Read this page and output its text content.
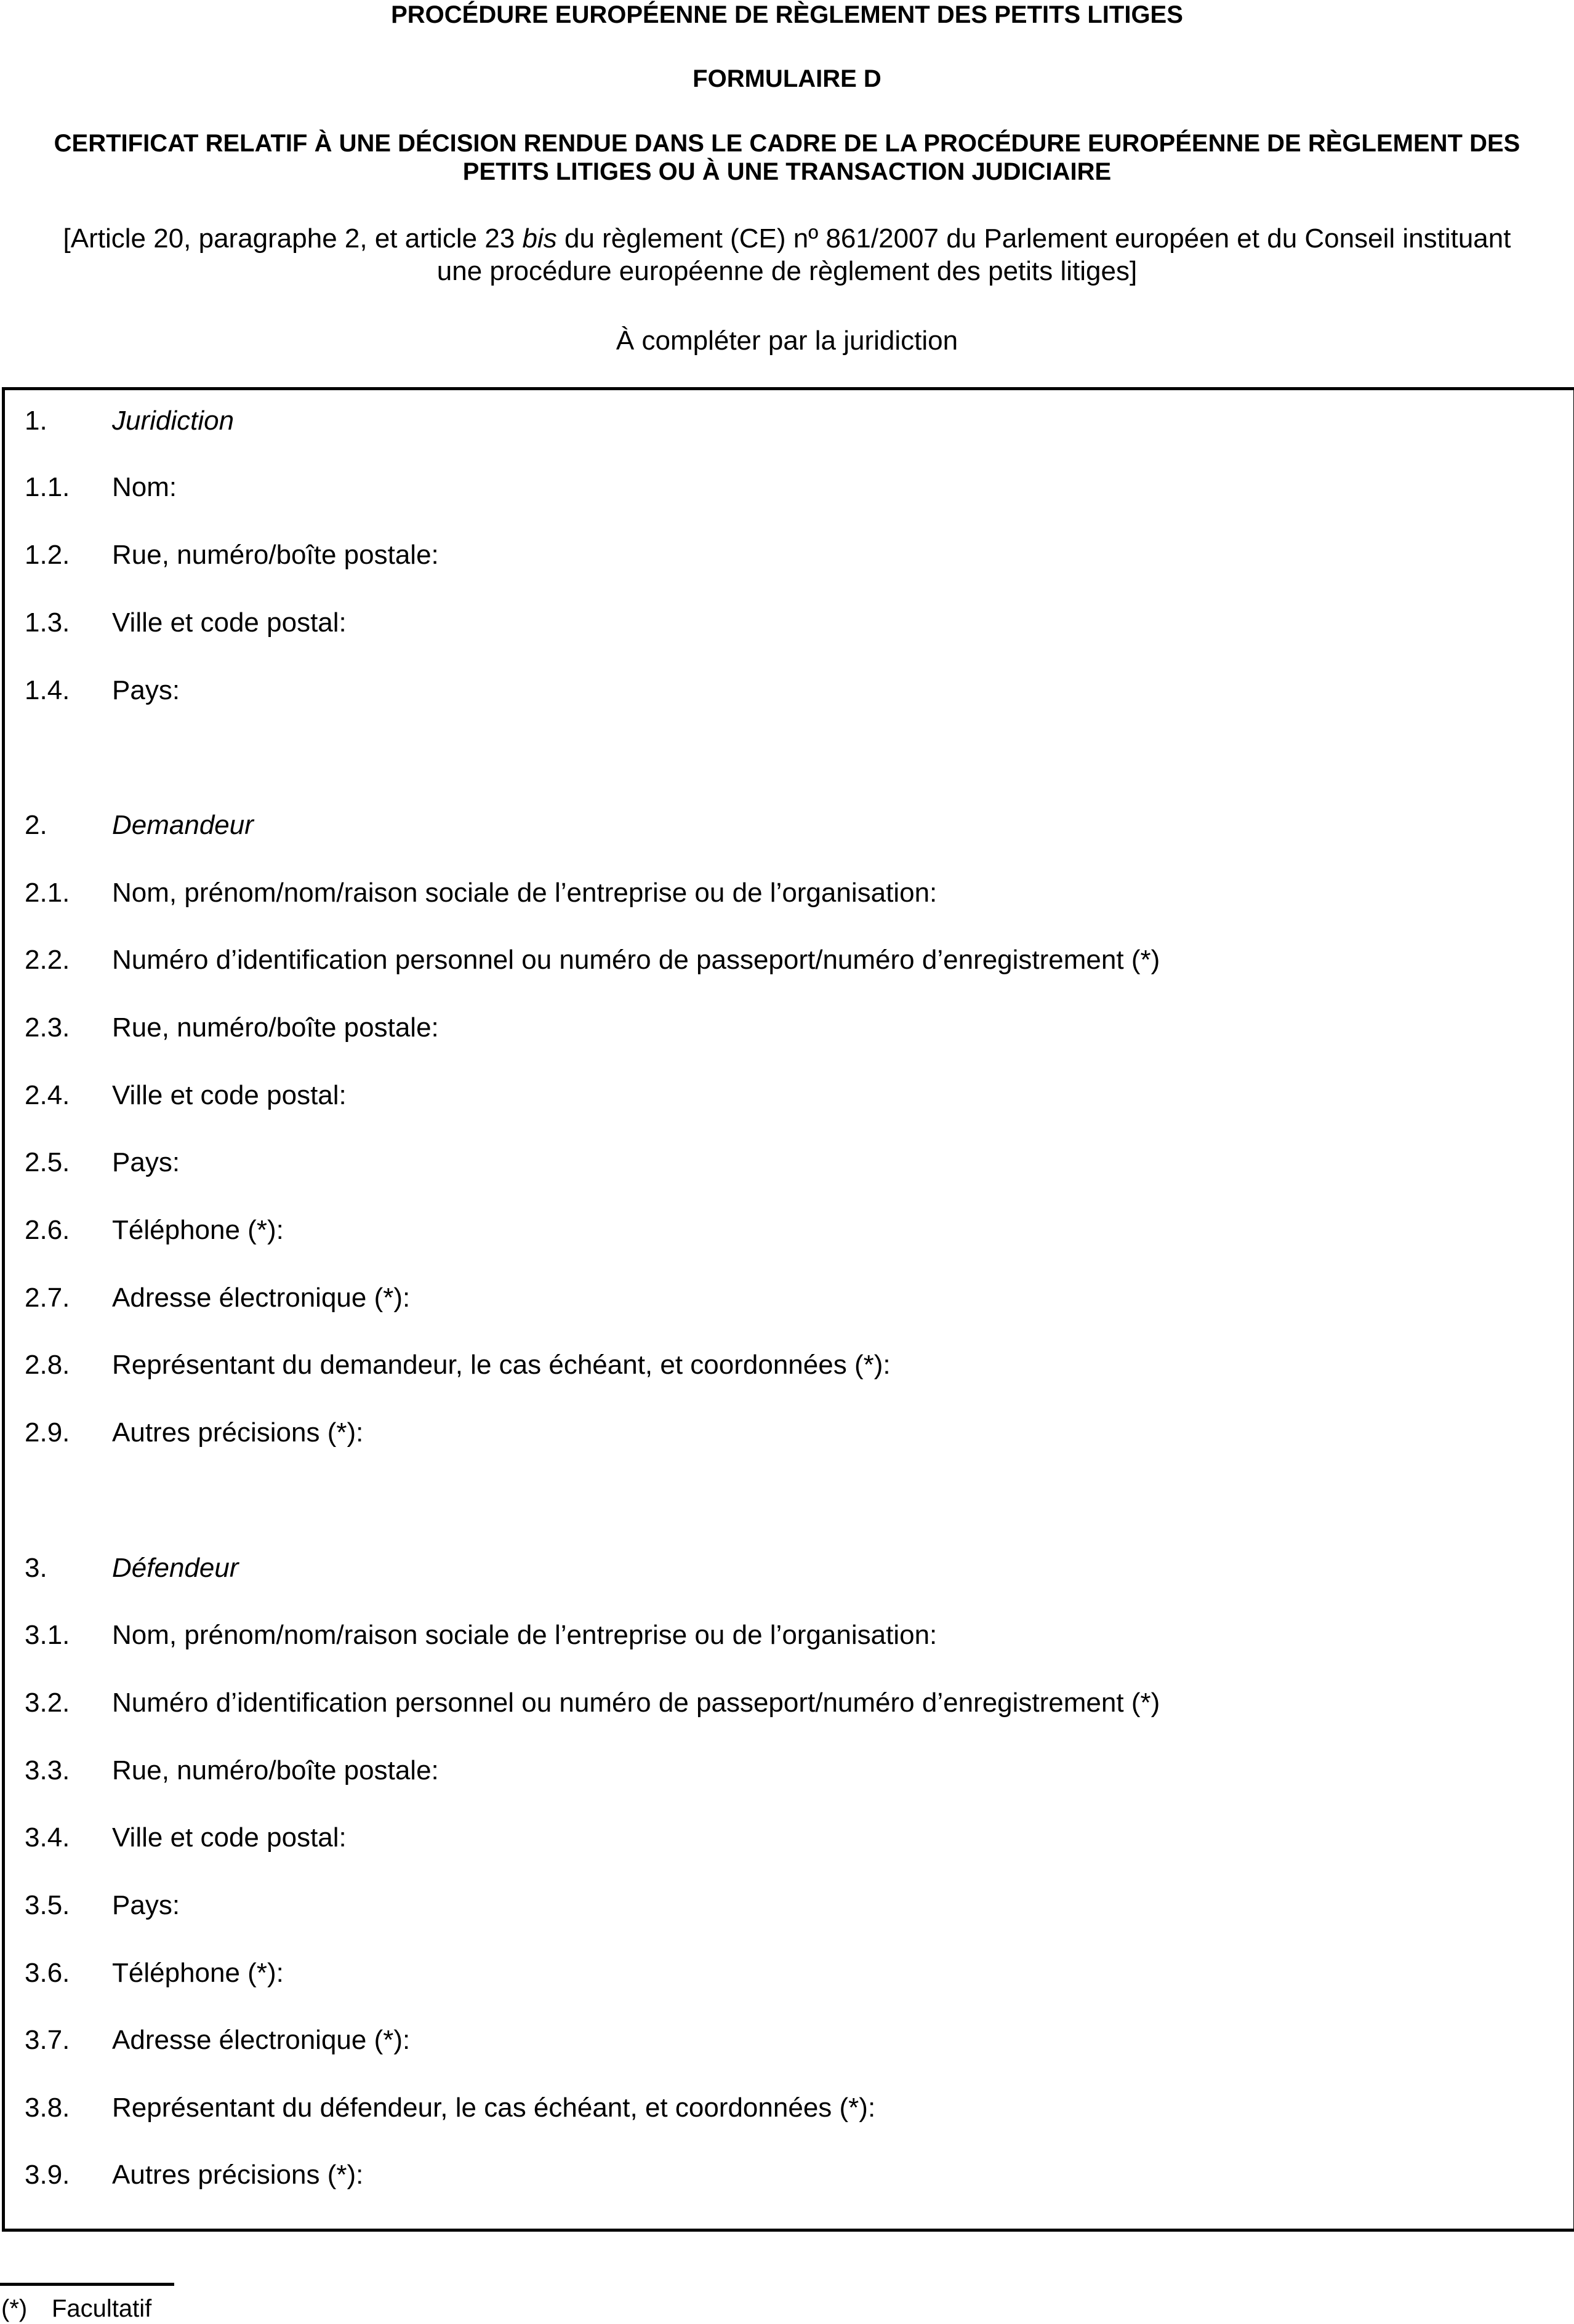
PROCÉDURE EUROPÉENNE DE RÈGLEMENT DES PETITS LITIGES
FORMULAIRE D
CERTIFICAT RELATIF À UNE DÉCISION RENDUE DANS LE CADRE DE LA PROCÉDURE EUROPÉENNE DE RÈGLEMENT DES
PETITS LITIGES OU À UNE TRANSACTION JUDICIAIRE
[Article 20, paragraphe 2, et article 23 bis du règlement (CE) nº 861/2007 du Parlement européen et du Conseil instituant
une procédure européenne de règlement des petits litiges]
À compléter par la juridiction
1. Juridiction
1.1. Nom:
1.2. Rue, numéro/boîte postale:
1.3. Ville et code postal:
1.4. Pays:
2. Demandeur
2.1. Nom, prénom/nom/raison sociale de l’entreprise ou de l’organisation:
2.2. Numéro d’identification personnel ou numéro de passeport/numéro d’enregistrement (*)
2.3. Rue, numéro/boîte postale:
2.4. Ville et code postal:
2.5. Pays:
2.6. Téléphone (*):
2.7. Adresse électronique (*):
2.8. Représentant du demandeur, le cas échéant, et coordonnées (*):
2.9. Autres précisions (*):
3. Défendeur
3.1. Nom, prénom/nom/raison sociale de l’entreprise ou de l’organisation:
3.2. Numéro d’identification personnel ou numéro de passeport/numéro d’enregistrement (*)
3.3. Rue, numéro/boîte postale:
3.4. Ville et code postal:
3.5. Pays:
3.6. Téléphone (*):
3.7. Adresse électronique (*):
3.8. Représentant du défendeur, le cas échéant, et coordonnées (*):
3.9. Autres précisions (*):
(*) Facultatif
